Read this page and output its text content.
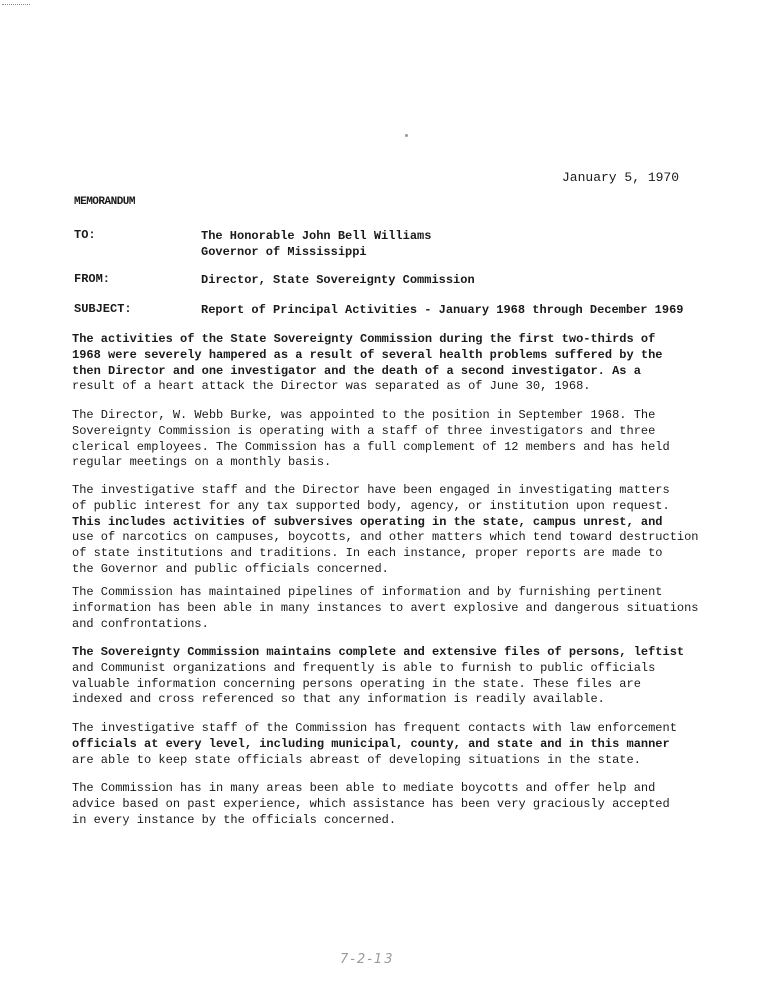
January 5, 1970
MEMORANDUM
TO:	The Honorable John Bell Williams
Governor of Mississippi
FROM:	Director, State Sovereignty Commission
SUBJECT:	Report of Principal Activities - January 1968 through December 1969
The activities of the State Sovereignty Commission during the first two-thirds of
1968 were severely hampered as a result of several health problems suffered by the
then Director and one investigator and the death of a second investigator. As a
result of a heart attack the Director was separated as of June 30, 1968.
The Director, W. Webb Burke, was appointed to the position in September 1968. The
Sovereignty Commission is operating with a staff of three investigators and three
clerical employees. The Commission has a full complement of 12 members and has held
regular meetings on a monthly basis.
The investigative staff and the Director have been engaged in investigating matters
of public interest for any tax supported body, agency, or institution upon request.
This includes activities of subversives operating in the state, campus unrest, and
use of narcotics on campuses, boycotts, and other matters which tend toward destruction
of state institutions and traditions. In each instance, proper reports are made to
the Governor and public officials concerned.
The Commission has maintained pipelines of information and by furnishing pertinent
information has been able in many instances to avert explosive and dangerous situations
and confrontations.
The Sovereignty Commission maintains complete and extensive files of persons, leftist
and Communist organizations and frequently is able to furnish to public officials
valuable information concerning persons operating in the state. These files are
indexed and cross referenced so that any information is readily available.
The investigative staff of the Commission has frequent contacts with law enforcement
officials at every level, including municipal, county, and state and in this manner
are able to keep state officials abreast of developing situations in the state.
The Commission has in many areas been able to mediate boycotts and offer help and
advice based on past experience, which assistance has been very graciously accepted
in every instance by the officials concerned.
7-2-13
